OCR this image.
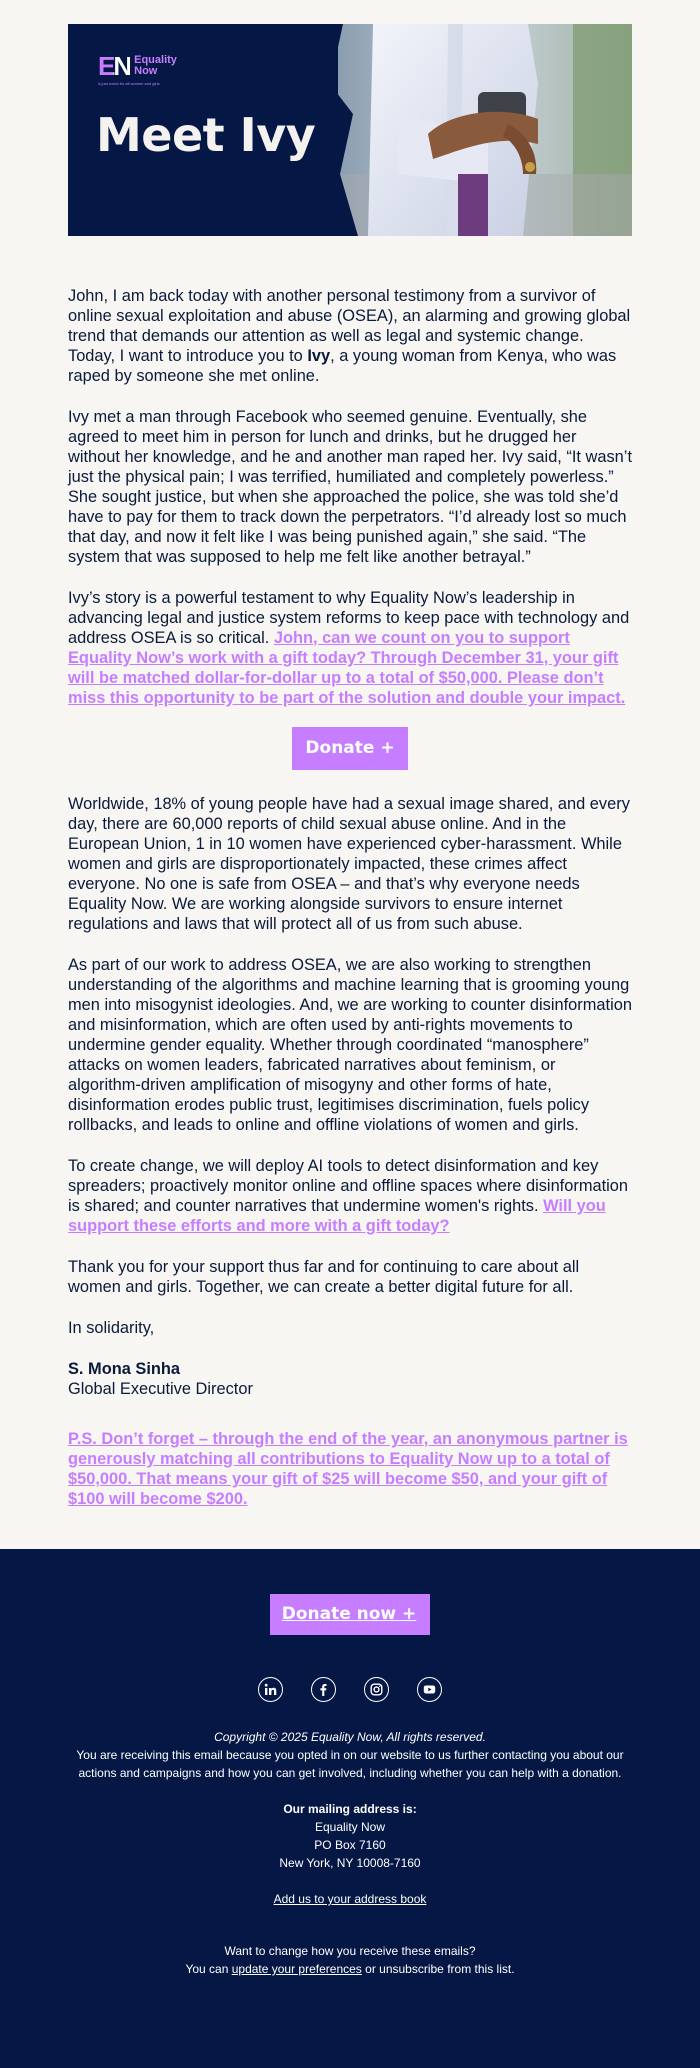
EN Equality
Now
A just world for all women and girls
Meet Ivy

John, I am back today with another personal testimony from a survivor of online sexual exploitation and abuse (OSEA), an alarming and growing global trend that demands our attention as well as legal and systemic change. Today, I want to introduce you to Ivy, a young woman from Kenya, who was raped by someone she met online.

Ivy met a man through Facebook who seemed genuine. Eventually, she agreed to meet him in person for lunch and drinks, but he drugged her without her knowledge, and he and another man raped her. Ivy said, “It wasn’t just the physical pain; I was terrified, humiliated and completely powerless.” She sought justice, but when she approached the police, she was told she’d have to pay for them to track down the perpetrators. “I’d already lost so much that day, and now it felt like I was being punished again,” she said. “The system that was supposed to help me felt like another betrayal.”

Ivy’s story is a powerful testament to why Equality Now’s leadership in advancing legal and justice system reforms to keep pace with technology and address OSEA is so critical. John, can we count on you to support Equality Now’s work with a gift today? Through December 31, your gift will be matched dollar-for-dollar up to a total of $50,000. Please don’t miss this opportunity to be part of the solution and double your impact.

Donate +

Worldwide, 18% of young people have had a sexual image shared, and every day, there are 60,000 reports of child sexual abuse online. And in the European Union, 1 in 10 women have experienced cyber-harassment. While women and girls are disproportionately impacted, these crimes affect everyone. No one is safe from OSEA – and that’s why everyone needs Equality Now. We are working alongside survivors to ensure internet regulations and laws that will protect all of us from such abuse.

As part of our work to address OSEA, we are also working to strengthen understanding of the algorithms and machine learning that is grooming young men into misogynist ideologies. And, we are working to counter disinformation and misinformation, which are often used by anti-rights movements to undermine gender equality. Whether through coordinated “manosphere” attacks on women leaders, fabricated narratives about feminism, or algorithm-driven amplification of misogyny and other forms of hate, disinformation erodes public trust, legitimises discrimination, fuels policy rollbacks, and leads to online and offline violations of women and girls.

To create change, we will deploy AI tools to detect disinformation and key spreaders; proactively monitor online and offline spaces where disinformation is shared; and counter narratives that undermine women's rights. Will you support these efforts and more with a gift today?

Thank you for your support thus far and for continuing to care about all women and girls. Together, we can create a better digital future for all.

In solidarity,

S. Mona Sinha
Global Executive Director

P.S. Don’t forget – through the end of the year, an anonymous partner is generously matching all contributions to Equality Now up to a total of $50,000. That means your gift of $25 will become $50, and your gift of $100 will become $200.

Donate now +
Copyright © 2025 Equality Now, All rights reserved.
You are receiving this email because you opted in on our website to us further contacting you about our actions and campaigns and how you can get involved, including whether you can help with a donation.
Our mailing address is:
Equality Now
PO Box 7160
New York, NY 10008-7160
Add us to your address book
Want to change how you receive these emails?
You can update your preferences or unsubscribe from this list.
